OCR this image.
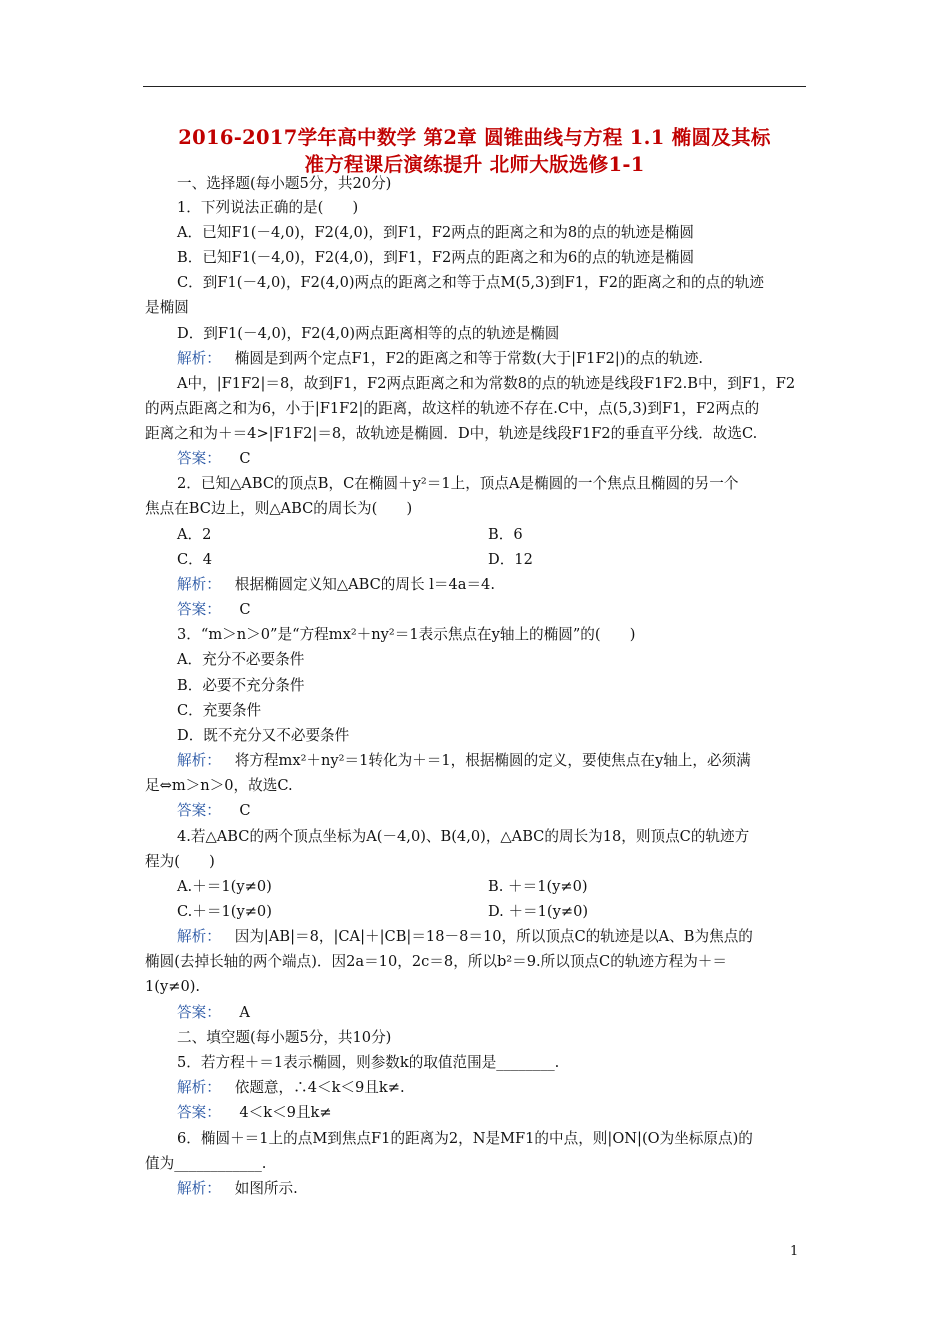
2016-2017学年高中数学 第2章 圆锥曲线与方程 1.1 椭圆及其标
准方程课后演练提升 北师大版选修1-1
一、选择题(每小题5分，共20分)
1．下列说法正确的是(　　)
A．已知F1(－4,0)，F2(4,0)，到F1，F2两点的距离之和为8的点的轨迹是椭圆
B．已知F1(－4,0)，F2(4,0)，到F1，F2两点的距离之和为6的点的轨迹是椭圆
C．到F1(－4,0)，F2(4,0)两点的距离之和等于点M(5,3)到F1，F2的距离之和的点的轨迹
是椭圆
D．到F1(－4,0)，F2(4,0)两点距离相等的点的轨迹是椭圆
解析： 椭圆是到两个定点F1，F2的距离之和等于常数(大于|F1F2|)的点的轨迹.
A中，|F1F2|＝8，故到F1，F2两点距离之和为常数8的点的轨迹是线段F1F2.B中，到F1，F2
的两点距离之和为6，小于|F1F2|的距离，故这样的轨迹不存在.C中，点(5,3)到F1，F2两点的
距离之和为＋＝4>|F1F2|＝8，故轨迹是椭圆．D中，轨迹是线段F1F2的垂直平分线．故选C.
答案： C
2．已知△ABC的顶点B，C在椭圆＋y²＝1上，顶点A是椭圆的一个焦点且椭圆的另一个
焦点在BC边上，则△ABC的周长为(　　)
A．2	B．6
C．4	D．12
解析： 根据椭圆定义知△ABC的周长 l＝4a＝4.
答案： C
3．“m＞n＞0”是“方程mx²＋ny²＝1表示焦点在y轴上的椭圆”的(　　)
A．充分不必要条件
B．必要不充分条件
C．充要条件
D．既不充分又不必要条件
解析： 将方程mx²＋ny²＝1转化为＋＝1，根据椭圆的定义，要使焦点在y轴上，必须满
足⇔m＞n＞0，故选C.
答案： C
4.若△ABC的两个顶点坐标为A(－4,0)、B(4,0)，△ABC的周长为18，则顶点C的轨迹方
程为(　　)
A.＋＝1(y≠0)	B. ＋＝1(y≠0)
C.＋＝1(y≠0)	D. ＋＝1(y≠0)
解析： 因为|AB|＝8，|CA|＋|CB|＝18－8＝10，所以顶点C的轨迹是以A、B为焦点的
椭圆(去掉长轴的两个端点)．因2a＝10，2c＝8，所以b²＝9.所以顶点C的轨迹方程为＋＝
1(y≠0).
答案： A
二、填空题(每小题5分，共10分)
5．若方程＋＝1表示椭圆，则参数k的取值范围是________.
解析： 依题意，∴4＜k＜9且k≠.
答案： 4＜k＜9且k≠
6．椭圆＋＝1上的点M到焦点F1的距离为2，N是MF1的中点，则|ON|(O为坐标原点)的
值为____________.
解析： 如图所示.
1
